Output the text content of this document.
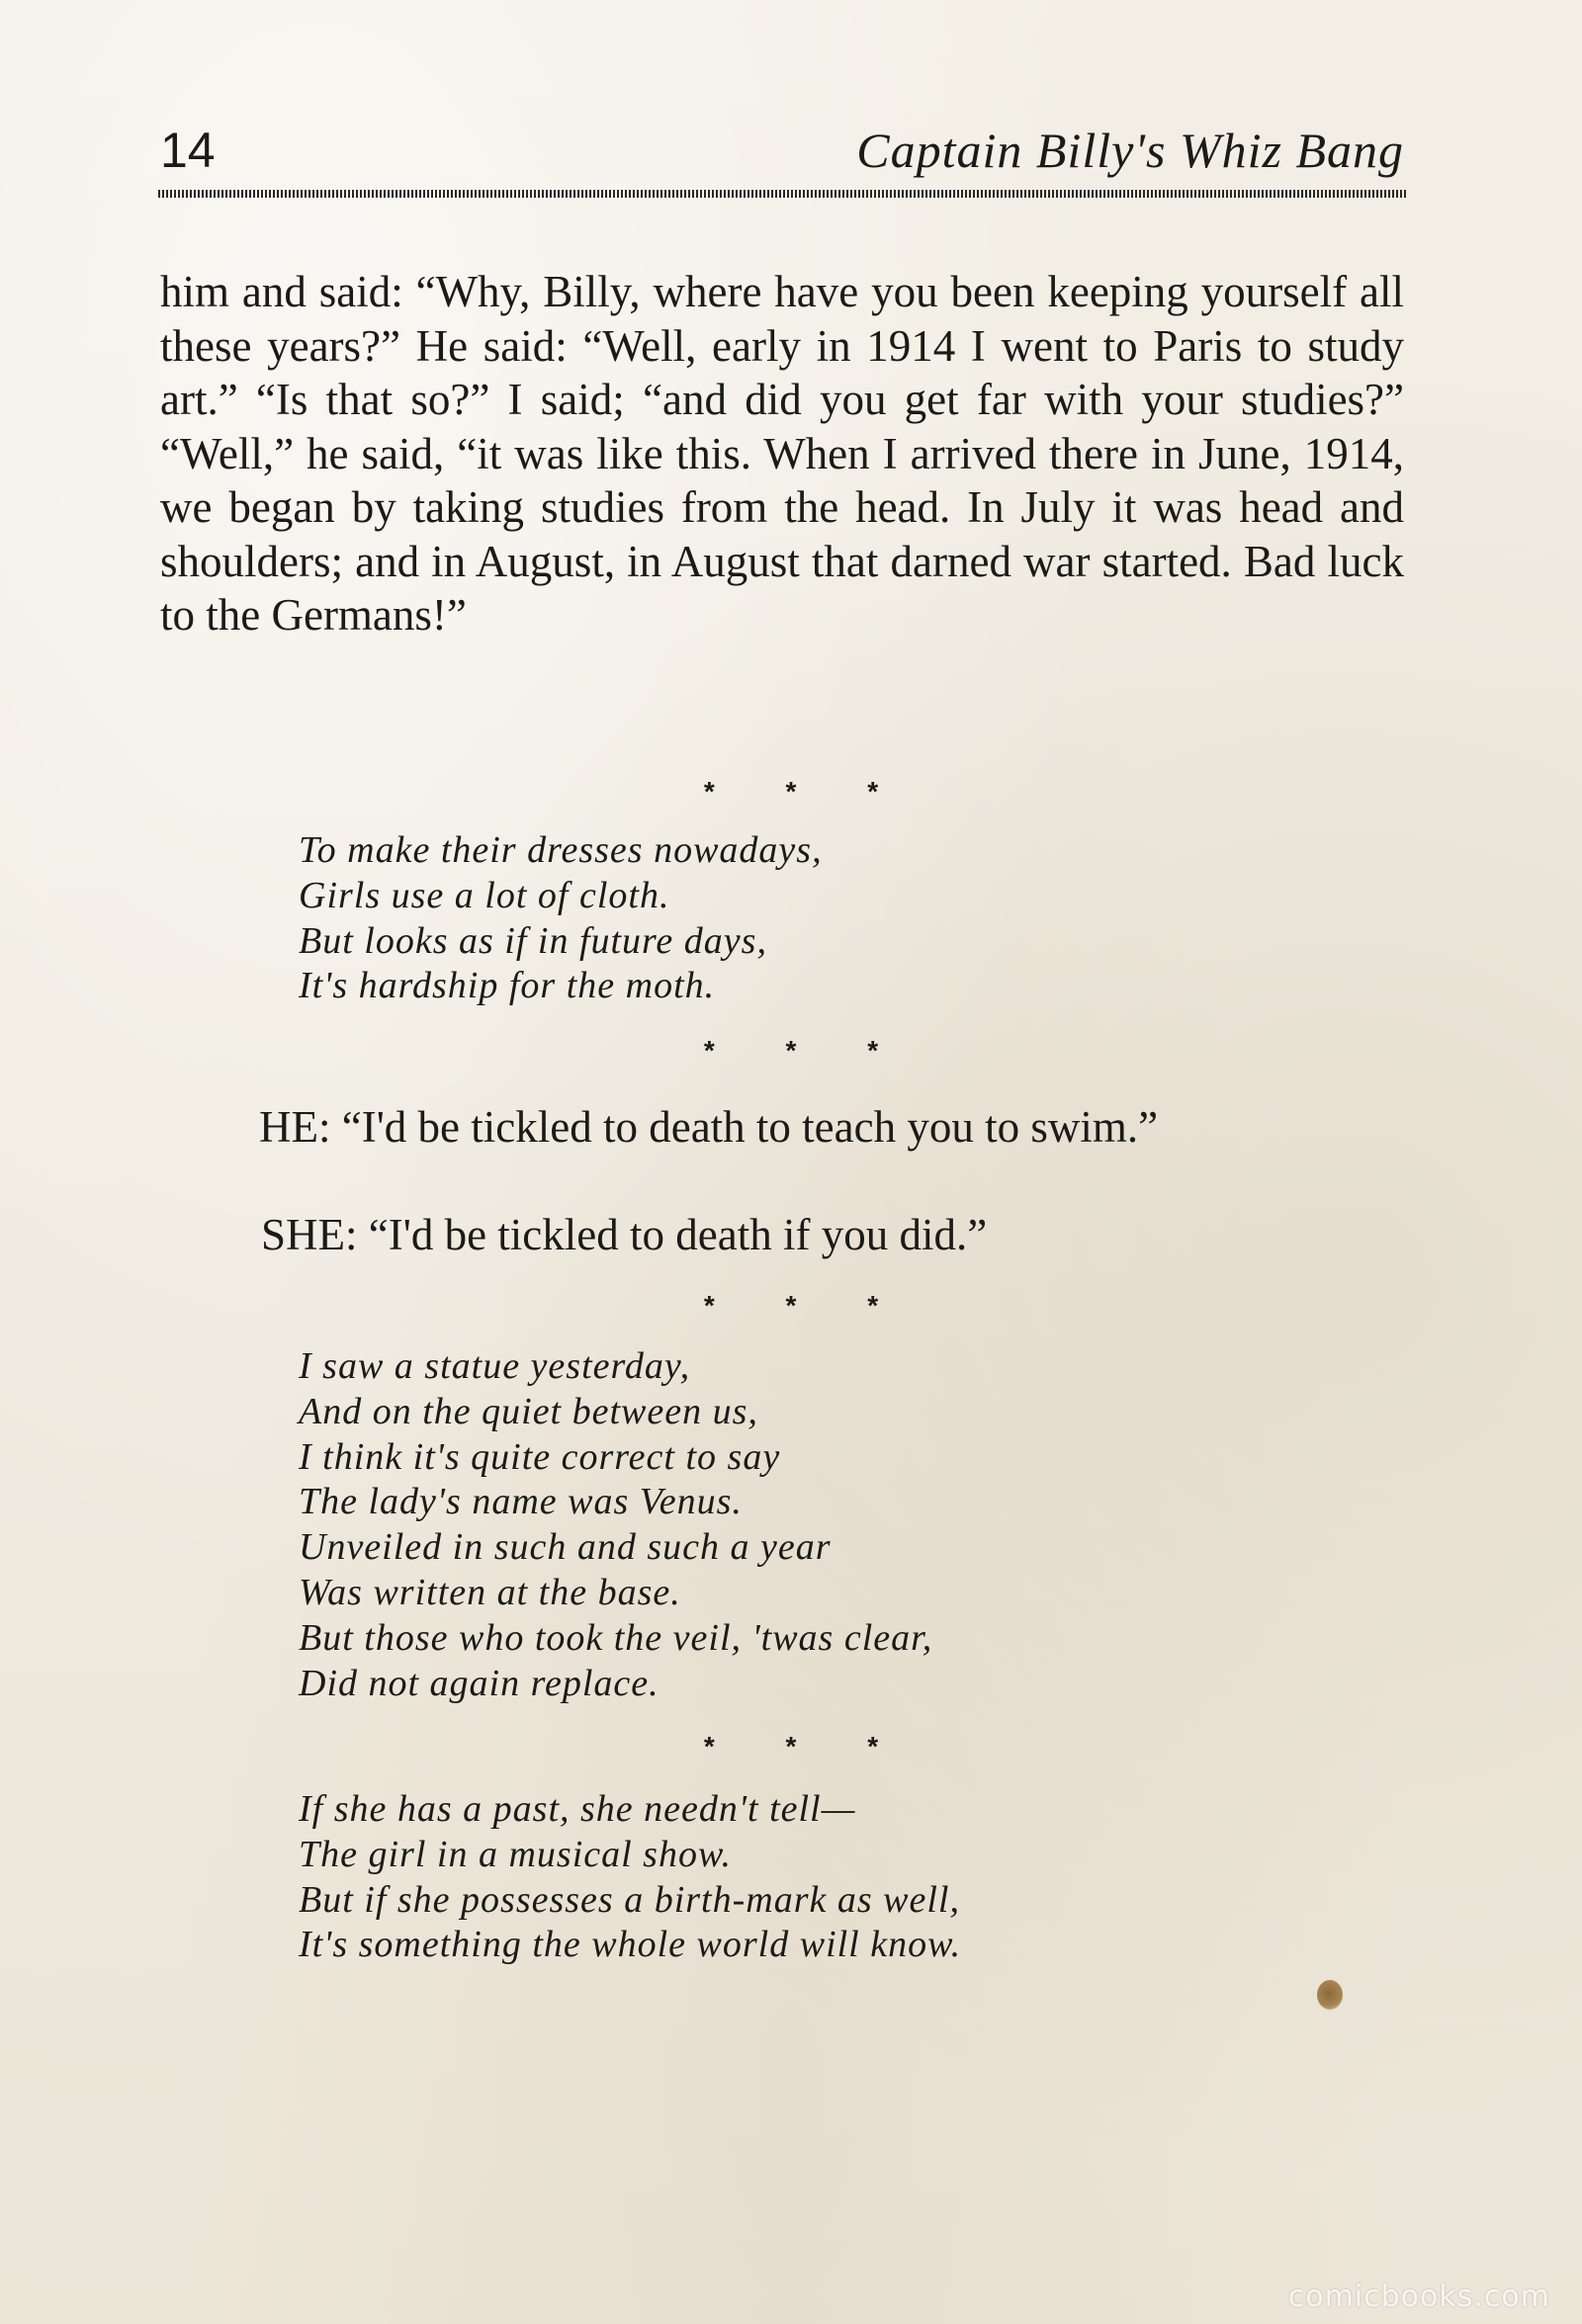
14	Captain Billy's Whiz Bang

him and said: “Why, Billy, where have you been keeping yourself all these years?” He said: “Well, early in 1914 I went to Paris to study art.” “Is that so?” I said; “and did you get far with your studies?” “Well,” he said, “it was like this. When I arrived there in June, 1914, we began by taking studies from the head. In July it was head and shoulders; and in August, in August that darned war started. Bad luck to the Germans!”

* * *
To make their dresses nowadays,
Girls use a lot of cloth.
But looks as if in future days,
It's hardship for the moth.
* * *
HE: “I'd be tickled to death to teach you to swim.”
SHE: “I'd be tickled to death if you did.”
* * *
I saw a statue yesterday,
And on the quiet between us,
I think it's quite correct to say
The lady's name was Venus.
Unveiled in such and such a year
Was written at the base.
But those who took the veil, 'twas clear,
Did not again replace.
* * *
If she has a past, she needn't tell—
The girl in a musical show.
But if she possesses a birth-mark as well,
It's something the whole world will know.
comicbooks.com
